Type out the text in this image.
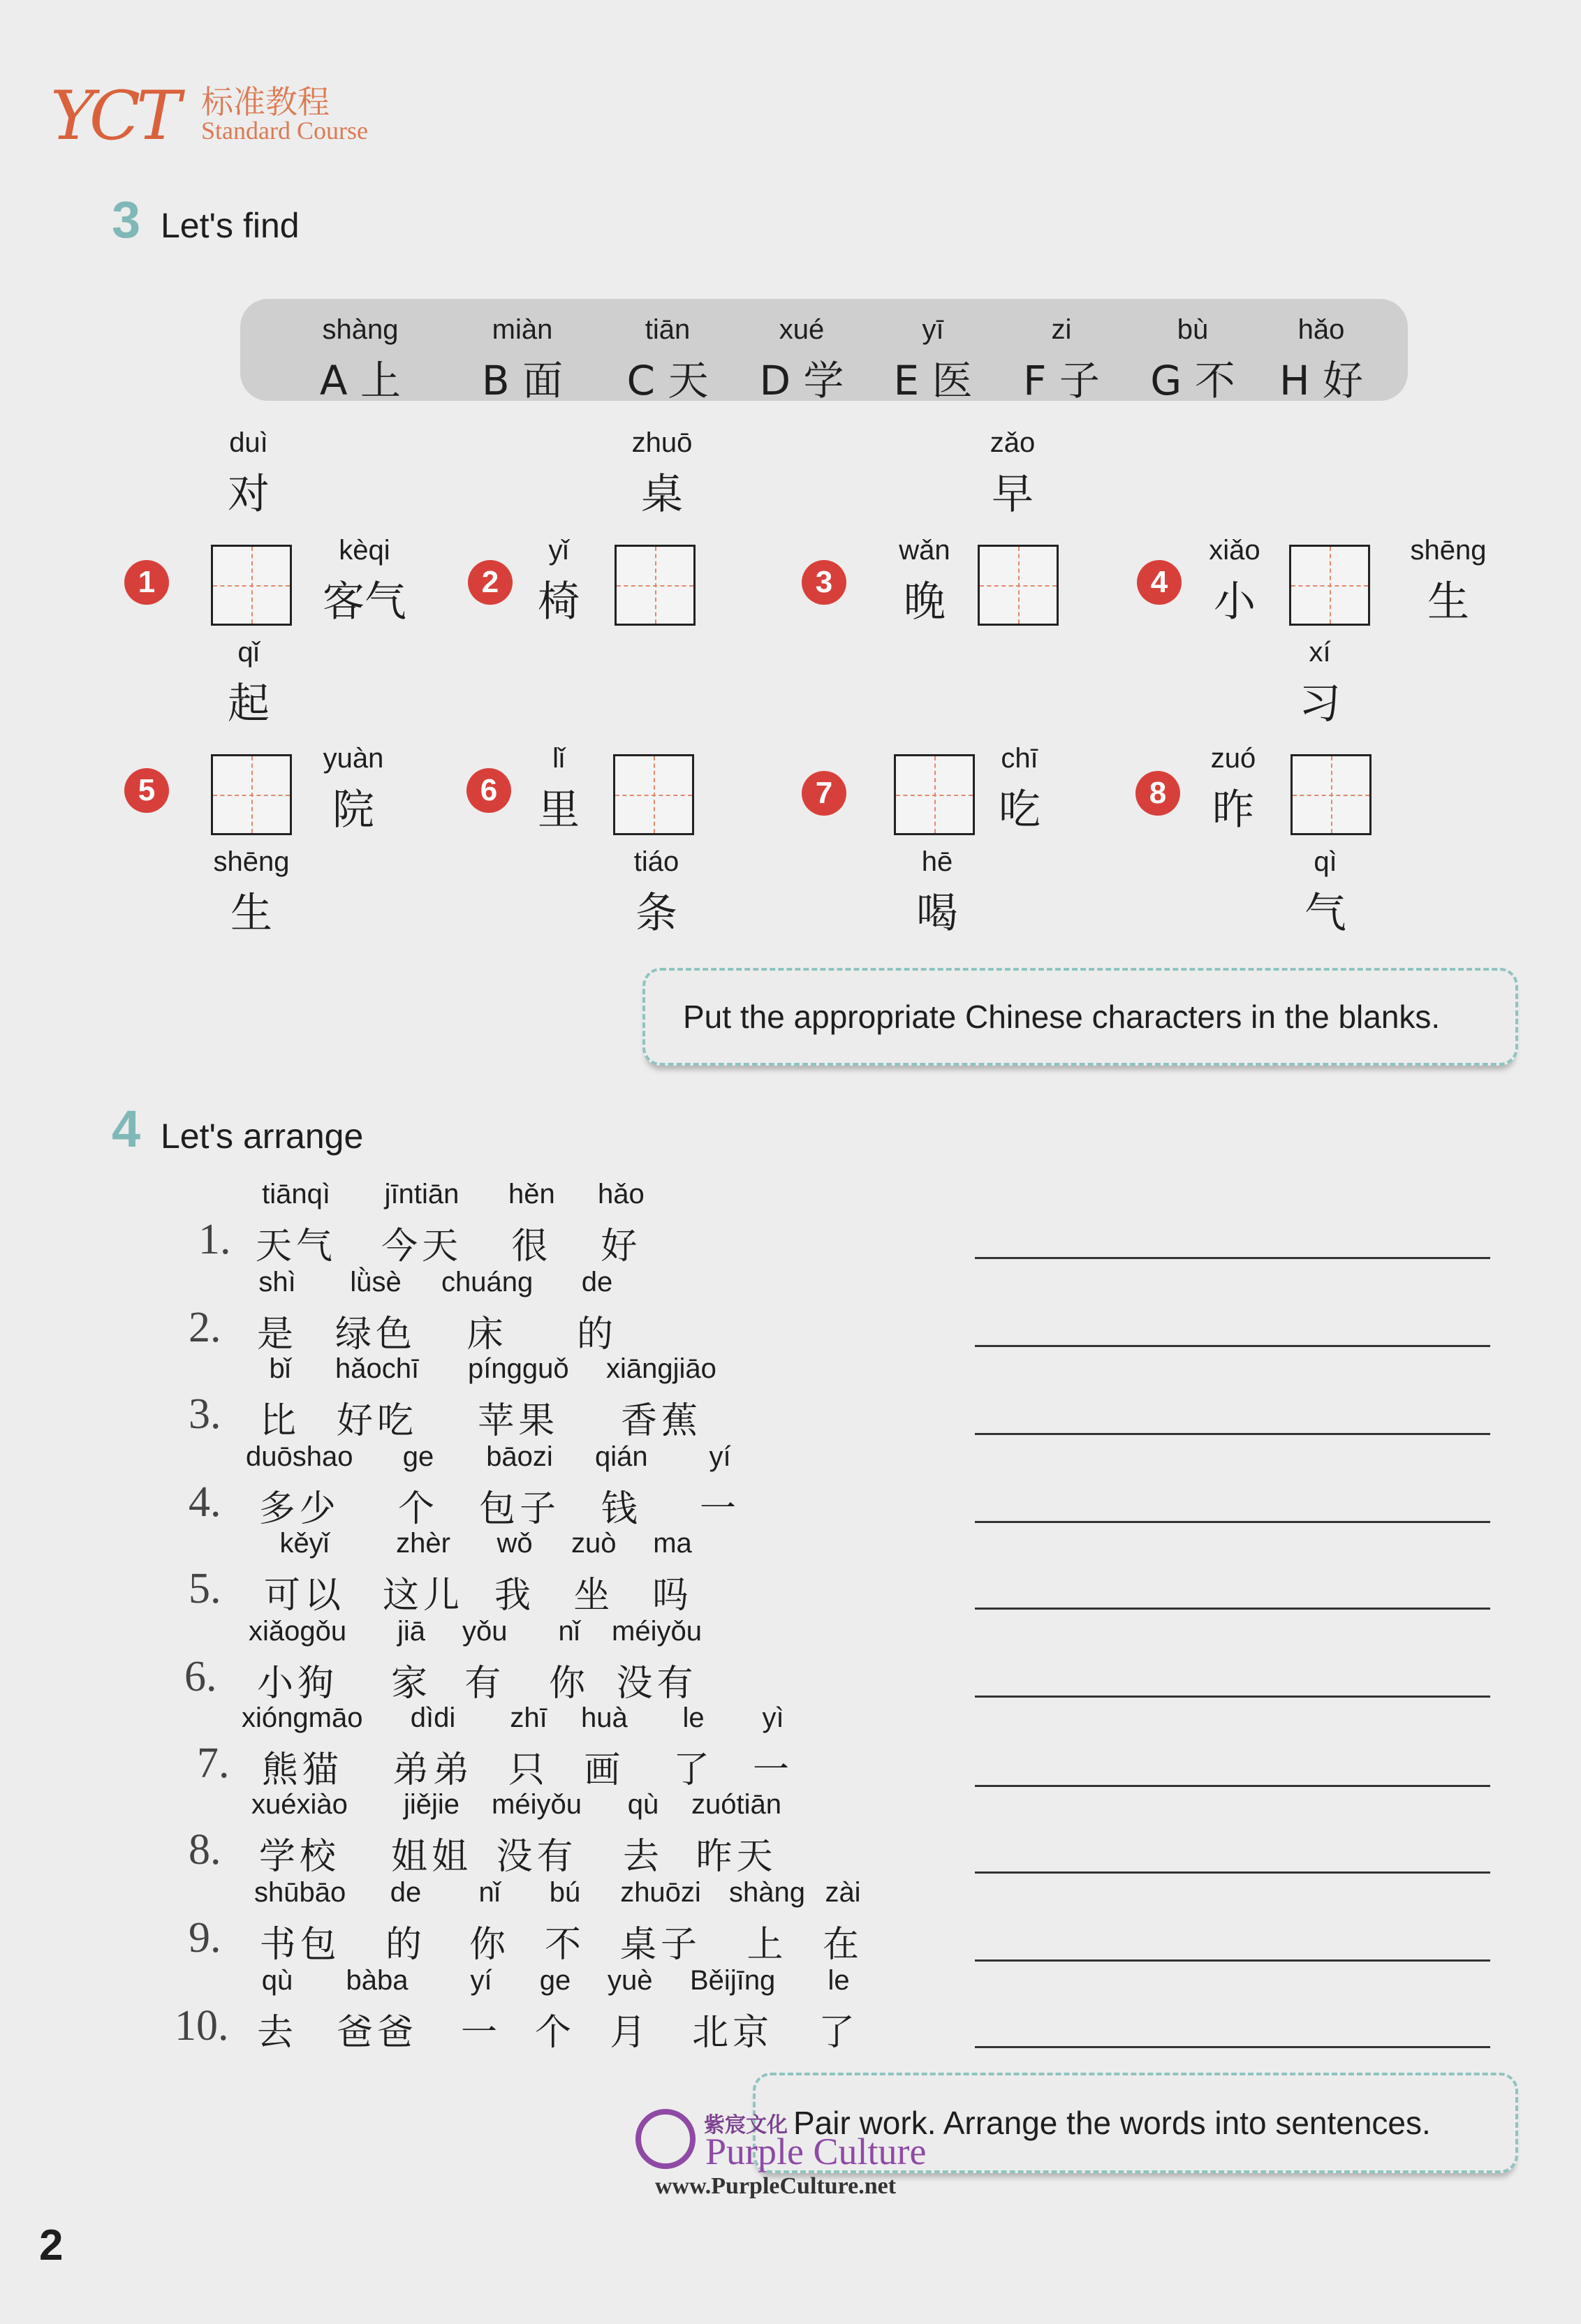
YCT 标准教程
Standard Course
3 Let's find
shàng
A 上
miàn
B 面
tiān
C 天
xué
D 学
yī
E 医
zi
F 子
bù
G 不
hǎo
H 好
duì
对
1
kèqi
客气
qǐ
起
zhuō
桌
2
yǐ
椅
zǎo
早
3
wǎn
晚	4
xiǎo
小
shēng
生
xí
习
5
yuàn
院
shēng
生
6
lǐ
里
tiáo
条
7
chī
吃
hē
喝
8
zuó
昨
qì
气
Put the appropriate Chinese characters in the blanks.
4 Let's arrange
1.
tiānqì
天气
jīntiān
今天
hěn
很
hǎo
好
2.
shì
是
lǜsè
绿色
chuáng
床
de
的
3.
bǐ
比
hǎochī
好吃
píngguǒ
苹果
xiāngjiāo
香蕉
4.
duōshao
多少
ge
个
bāozi
包子
qián
钱
yí
一
5.
kěyǐ
可以
zhèr
这儿
wǒ
我
zuò
坐
ma
吗
6.
xiǎogǒu
小狗
jiā
家
yǒu
有
nǐ
你
méiyǒu
没有
7.
xióngmāo
熊猫
dìdi
弟弟
zhī
只
huà
画
le
了
yì
一
8.
xuéxiào
学校
jiějie
姐姐
méiyǒu
没有
qù
去
zuótiān
昨天
9.
shūbāo
书包
de
的
nǐ
你
bú
不
zhuōzi
桌子
shàng
上
zài
在
10.
qù
去
bàba
爸爸
yí
一
ge
个
yuè
月
Běijīng
北京
le
了
Pair work. Arrange the words into sentences.
紫宸文化
Purple Culture
www.PurpleCulture.net
2
